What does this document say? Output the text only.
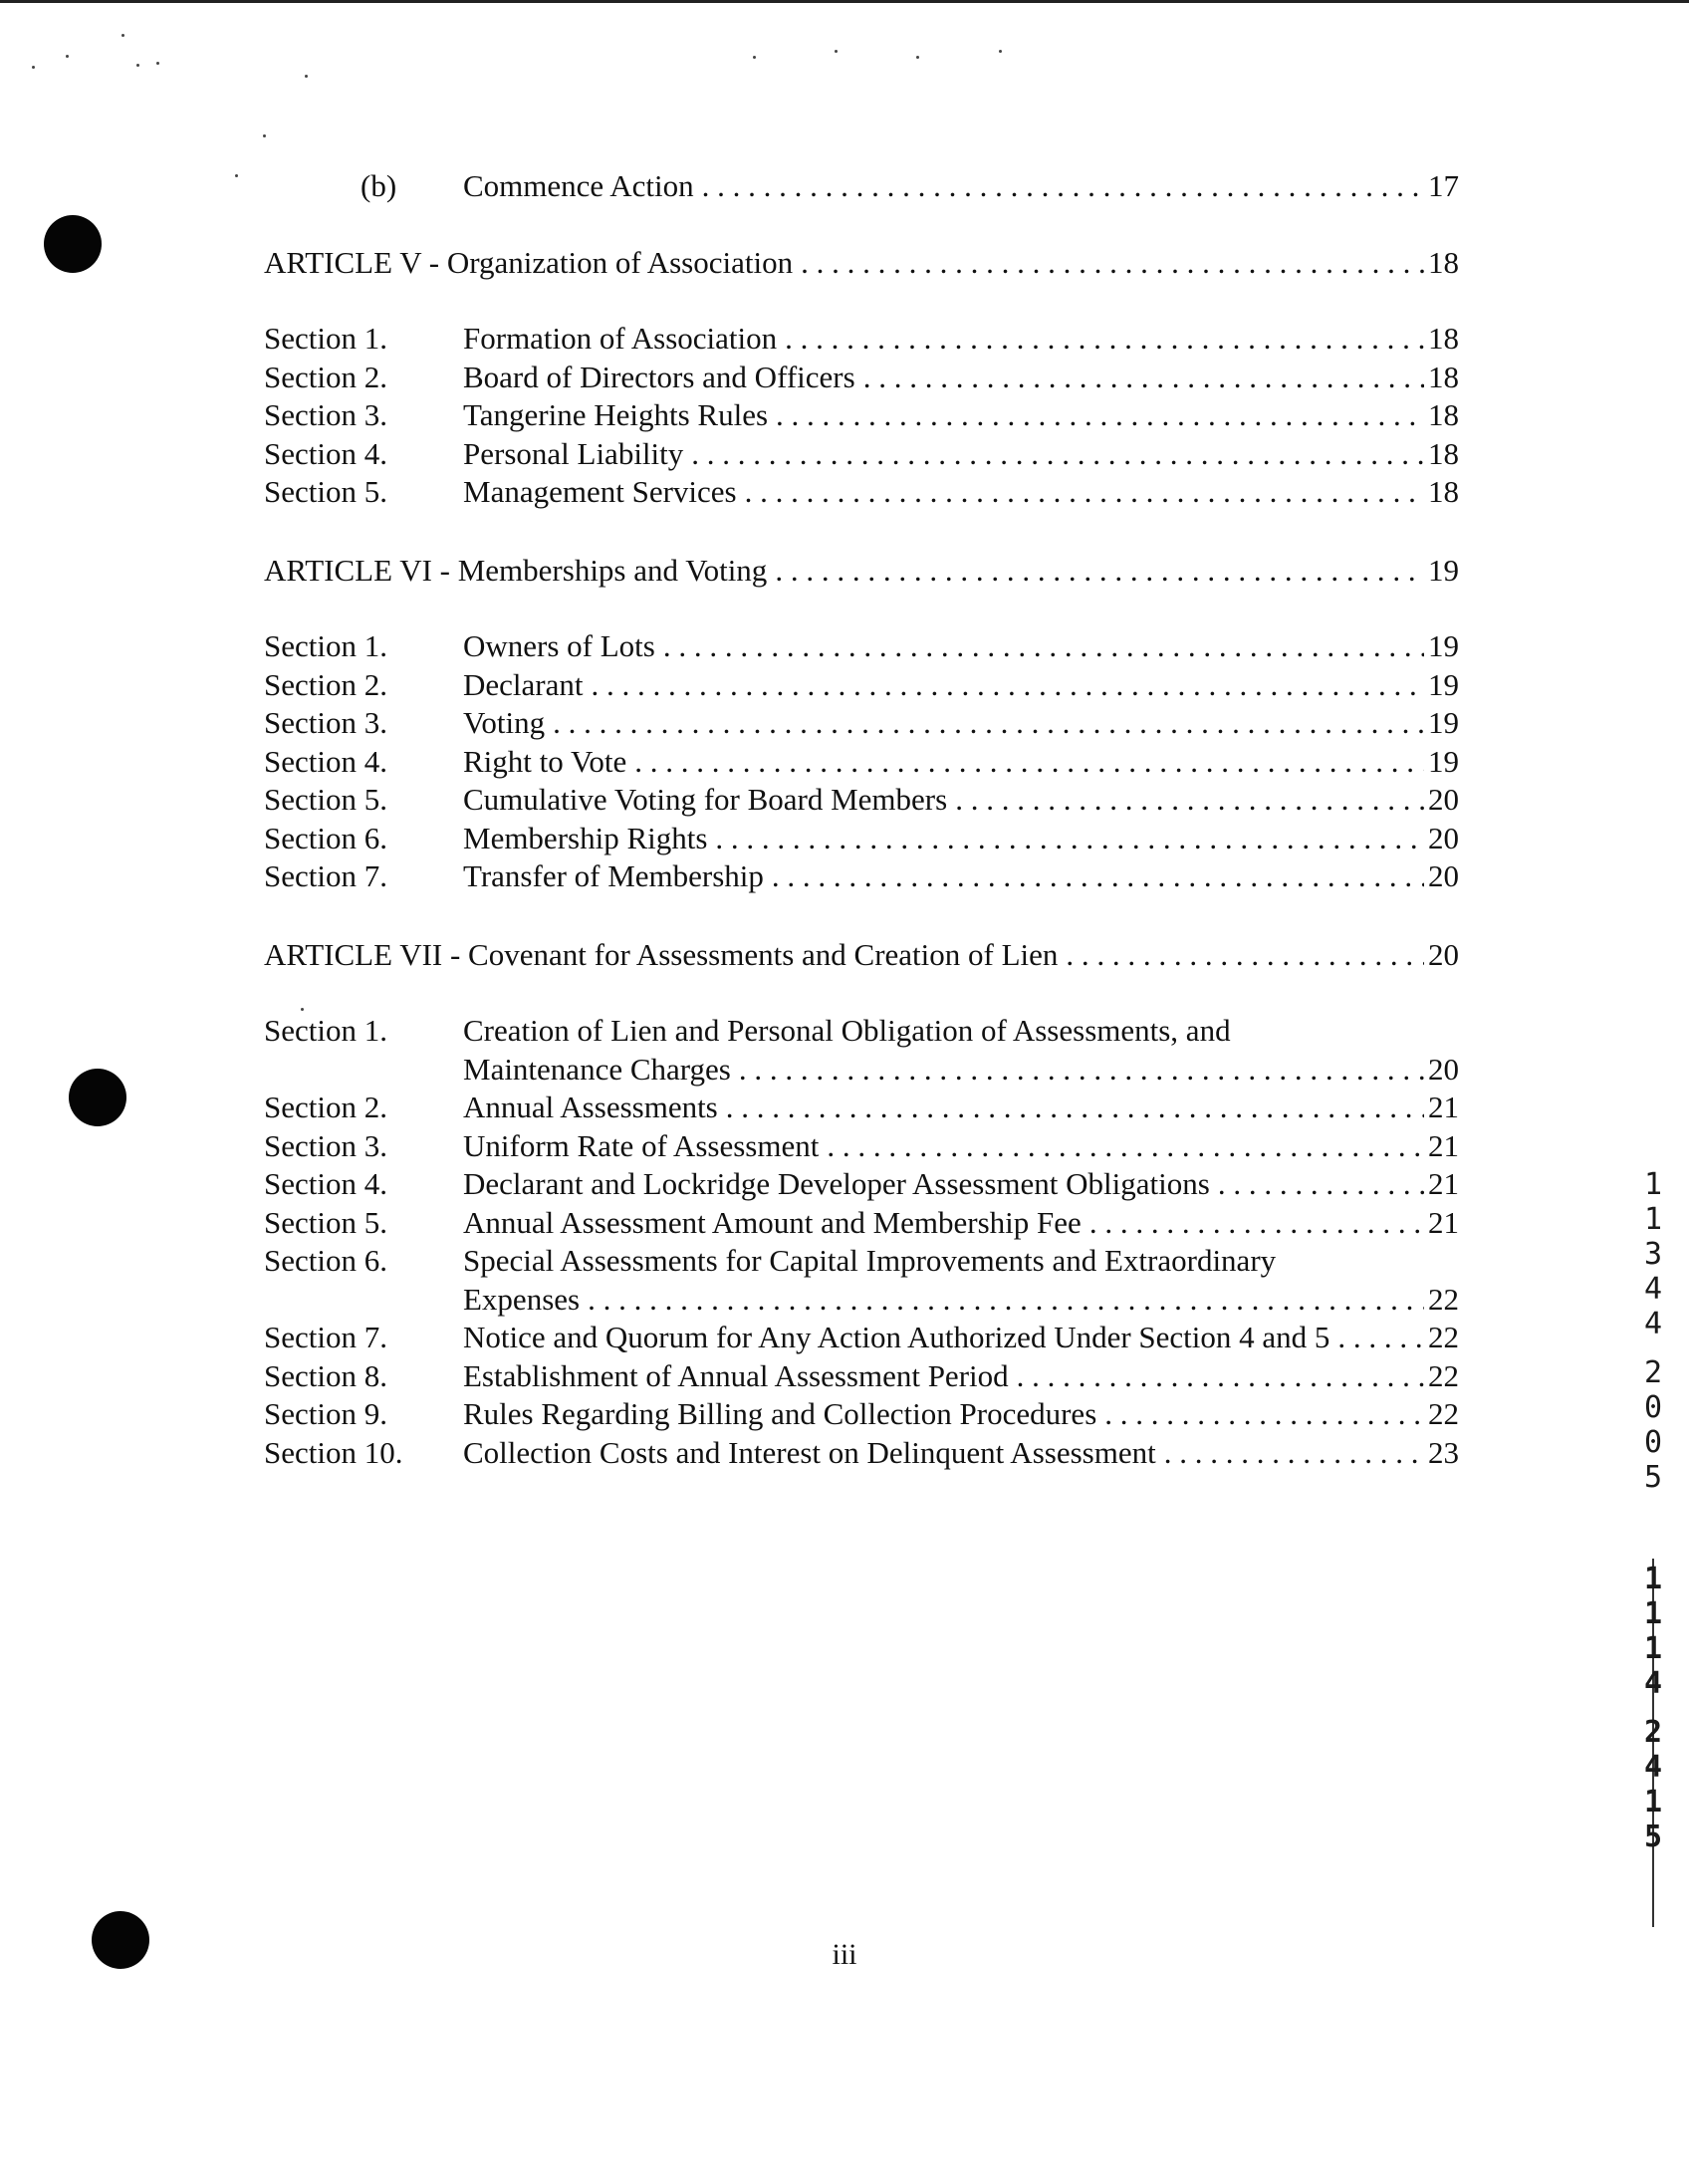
(b) Commence Action . . .	17
ARTICLE V - Organization of Association . . .	18
Section 1. Formation of Association . . .	18
Section 2. Board of Directors and Officers . . .	18
Section 3. Tangerine Heights Rules . . .	18
Section 4. Personal Liability . . .	18
Section 5. Management Services . . .	18
ARTICLE VI - Memberships and Voting . . .	19
Section 1. Owners of Lots . . .	19
Section 2. Declarant . . .	19
Section 3. Voting . . .	19
Section 4. Right to Vote . . .	19
Section 5. Cumulative Voting for Board Members . . .	20
Section 6. Membership Rights . . .	20
Section 7. Transfer of Membership . . .	20
ARTICLE VII - Covenant for Assessments and Creation of Lien . . .	20
Section 1. Creation of Lien and Personal Obligation of Assessments, and
Maintenance Charges . . .	20
Section 2. Annual Assessments . . .	21
Section 3. Uniform Rate of Assessment . . .	21
Section 4. Declarant and Lockridge Developer Assessment Obligations . . .	21
Section 5. Annual Assessment Amount and Membership Fee . . .	21
Section 6. Special Assessments for Capital Improvements and Extraordinary
Expenses . . .	22
Section 7. Notice and Quorum for Any Action Authorized Under Section 4 and 5 . . .	22
Section 8. Establishment of Annual Assessment Period . . .	22
Section 9. Rules Regarding Billing and Collection Procedures . . .	22
Section 10. Collection Costs and Interest on Delinquent Assessment . . .	23
iii
1
1
3
4
4
2
0
0
5
1
1
1
4
2
4
1
5
